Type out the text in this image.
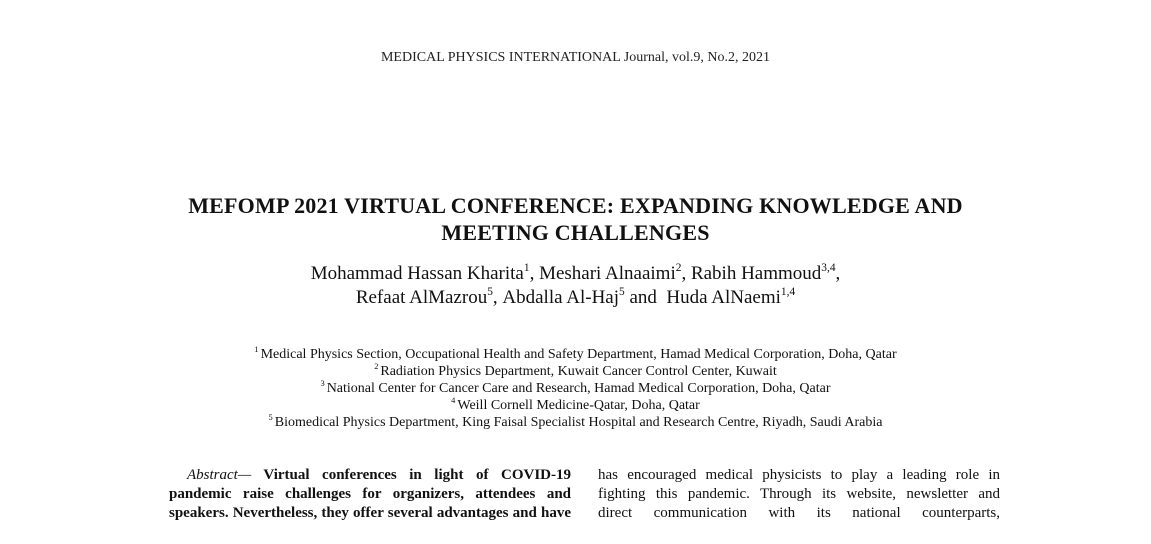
MEDICAL PHYSICS INTERNATIONAL Journal, vol.9, No.2, 2021
MEFOMP 2021 VIRTUAL CONFERENCE: EXPANDING KNOWLEDGE AND
MEETING CHALLENGES
Mohammad Hassan Kharita$^1$, Meshari Alnaaimi$^2$, Rabih Hammoud$^{3,4}$,
Refaat AlMazrou$^5$, Abdalla Al-Haj$^5$ and  Huda AlNaemi$^{1,4}$
$^1$ Medical Physics Section, Occupational Health and Safety Department, Hamad Medical Corporation, Doha, Qatar
$^2$ Radiation Physics Department, Kuwait Cancer Control Center, Kuwait
$^3$ National Center for Cancer Care and Research, Hamad Medical Corporation, Doha, Qatar
$^4$ Weill Cornell Medicine-Qatar, Doha, Qatar
$^5$ Biomedical Physics Department, King Faisal Specialist Hospital and Research Centre, Riyadh, Saudi Arabia
Abstract— Virtual conferences in light of COVID-19
pandemic raise challenges for organizers, attendees and
speakers. Nevertheless, they offer several advantages and have
has encouraged medical physicists to play a leading role in
fighting this pandemic. Through its website, newsletter and
direct communication with its national counterparts,
